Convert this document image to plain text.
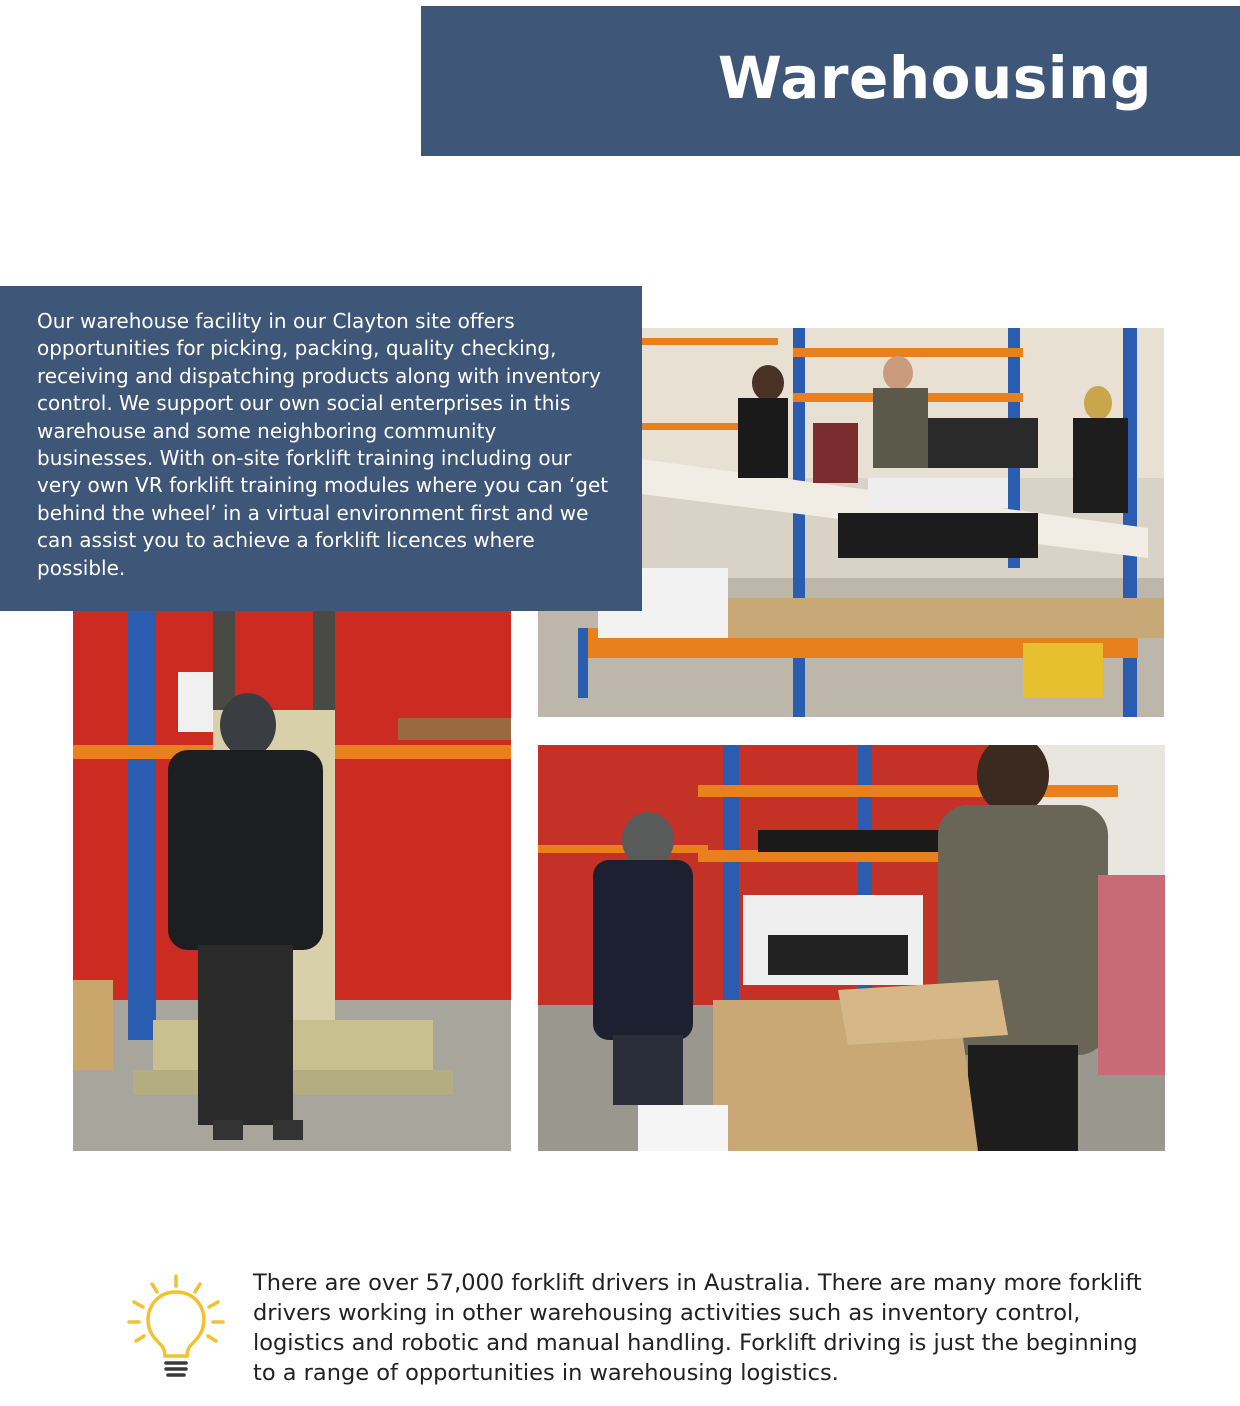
Warehousing

Our warehouse facility in our Clayton site offers opportunities for picking, packing, quality checking, receiving and dispatching products along with inventory control. We support our own social enterprises in this warehouse and some neighboring community businesses. With on-site forklift training including our very own VR forklift training modules where you can ‘get behind the wheel’ in a virtual environment first and we can assist you to achieve a forklift licences where possible.

There are over 57,000 forklift drivers in Australia. There are many more forklift drivers working in other warehousing activities such as inventory control, logistics and robotic and manual handling. Forklift driving is just the beginning to a range of opportunities in warehousing logistics.
